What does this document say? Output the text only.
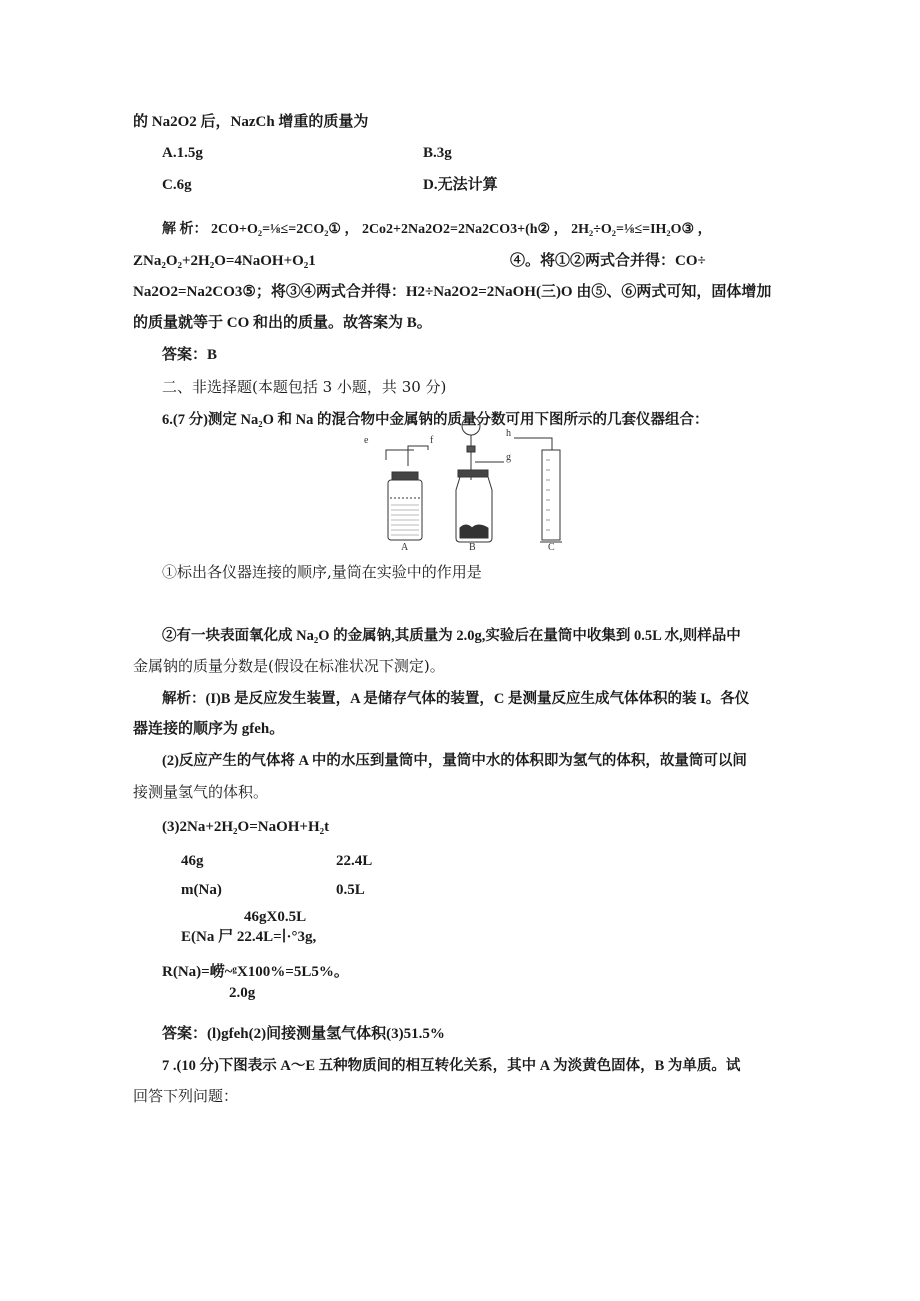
的 Na2O2 后，NazCh 增重的质量为
A.1.5g	B.3g
C.6g	D.无法计算
解 析： 2CO+O₂=⅛≤=2CO₂① ， 2Co2+2Na2O2=2Na2CO3+(h② ， 2H₂÷O₂=⅛≤=IH₂O③ ，
ZNa₂O₂+2H₂O=4NaOH+O₂1	④。将①②两式合并得：CO÷
Na2O2=Na2CO3⑤；将③④两式合并得：H2÷Na2O2=2NaOH(三)O 由⑤、⑥两式可知，固体增加
的质量就等于 CO 和出的质量。故答案为 B。
答案：B
二、非选择题(本题包括 3 小题，共 30 分)
6.(7 分)测定 Na₂O 和 Na 的混合物中金属钠的质量分数可用下图所示的几套仪器组合：
e	f
g
h
A	B	C
①标出各仪器连接的顺序,量筒在实验中的作用是
②有一块表面氧化成 Na₂O 的金属钠,其质量为 2.0g,实验后在量筒中收集到 0.5L 水,则样品中
金属钠的质量分数是(假设在标准状况下测定)。
解析：(I)B 是反应发生装置，A 是储存气体的装置，C 是测量反应生成气体体积的装 I。各仪
器连接的顺序为 gfeh。
(2)反应产生的气体将 A 中的水压到量筒中，量筒中水的体积即为氢气的体积，故量筒可以间
接测量氢气的体积。
(3)2Na+2H₂O=NaOH+H₂t
46g	22.4L
m(Na)	0.5L
46gX0.5L
E(Na 尸 22.4L=∣·°3g,
R(Na)=崂~ᵍX100%=5L5%。
2.0g
答案：(l)gfeh(2)间接测量氢气体积(3)51.5%
7 .(10 分)下图表示 A～E 五种物质间的相互转化关系，其中 A 为淡黄色固体，B 为单质。试
回答下列问题：
